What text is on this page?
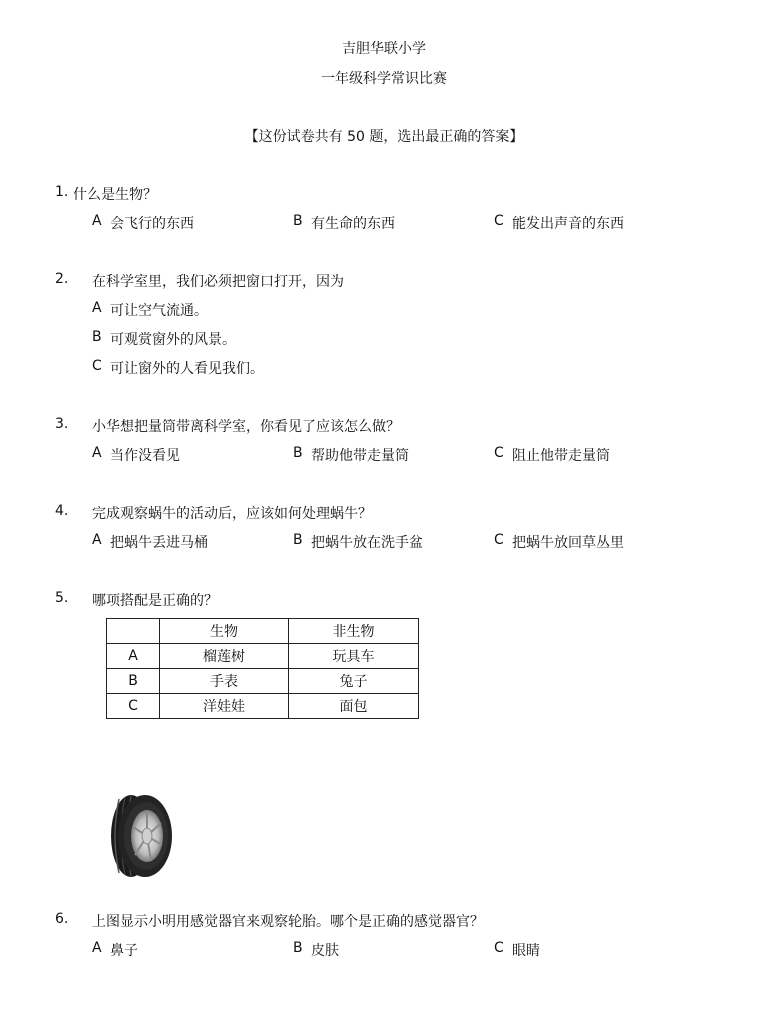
吉胆华联小学
一年级科学常识比赛
【这份试卷共有 50 题，选出最正确的答案】
1. 什么是生物？
A 会飞行的东西	B 有生命的东西	C 能发出声音的东西
2. 在科学室里，我们必须把窗口打开，因为
A 可让空气流通。
B 可观赏窗外的风景。
C 可让窗外的人看见我们。
3. 小华想把量筒带离科学室，你看见了应该怎么做？
A 当作没看见	B 帮助他带走量筒	C 阻止他带走量筒
4. 完成观察蜗牛的活动后，应该如何处理蜗牛？
A 把蜗牛丢进马桶	B 把蜗牛放在洗手盆	C 把蜗牛放回草丛里
5. 哪项搭配是正确的？
	生物	非生物
A	榴莲树	玩具车
B	手表	兔子
C	洋娃娃	面包
6. 上图显示小明用感觉器官来观察轮胎。哪个是正确的感觉器官？
A 鼻子	B 皮肤	C 眼睛
